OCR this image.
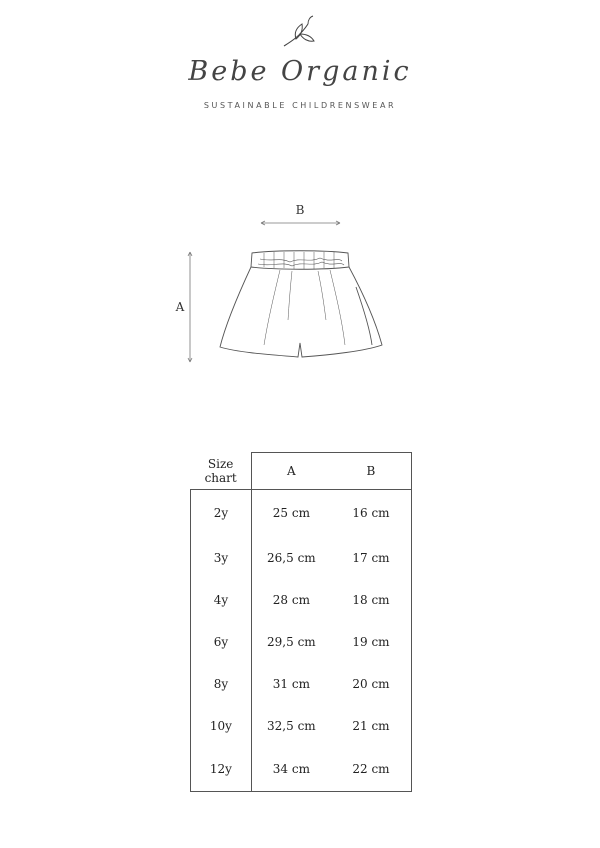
Bebe Organic
SUSTAINABLE CHILDRENSWEAR
B
A
Size
chart	A	B
2y	25 cm	16 cm
3y	26,5 cm	17 cm
4y	28 cm	18 cm
6y	29,5 cm	19 cm
8y	31 cm	20 cm
10y	32,5 cm	21 cm
12y	34 cm	22 cm
